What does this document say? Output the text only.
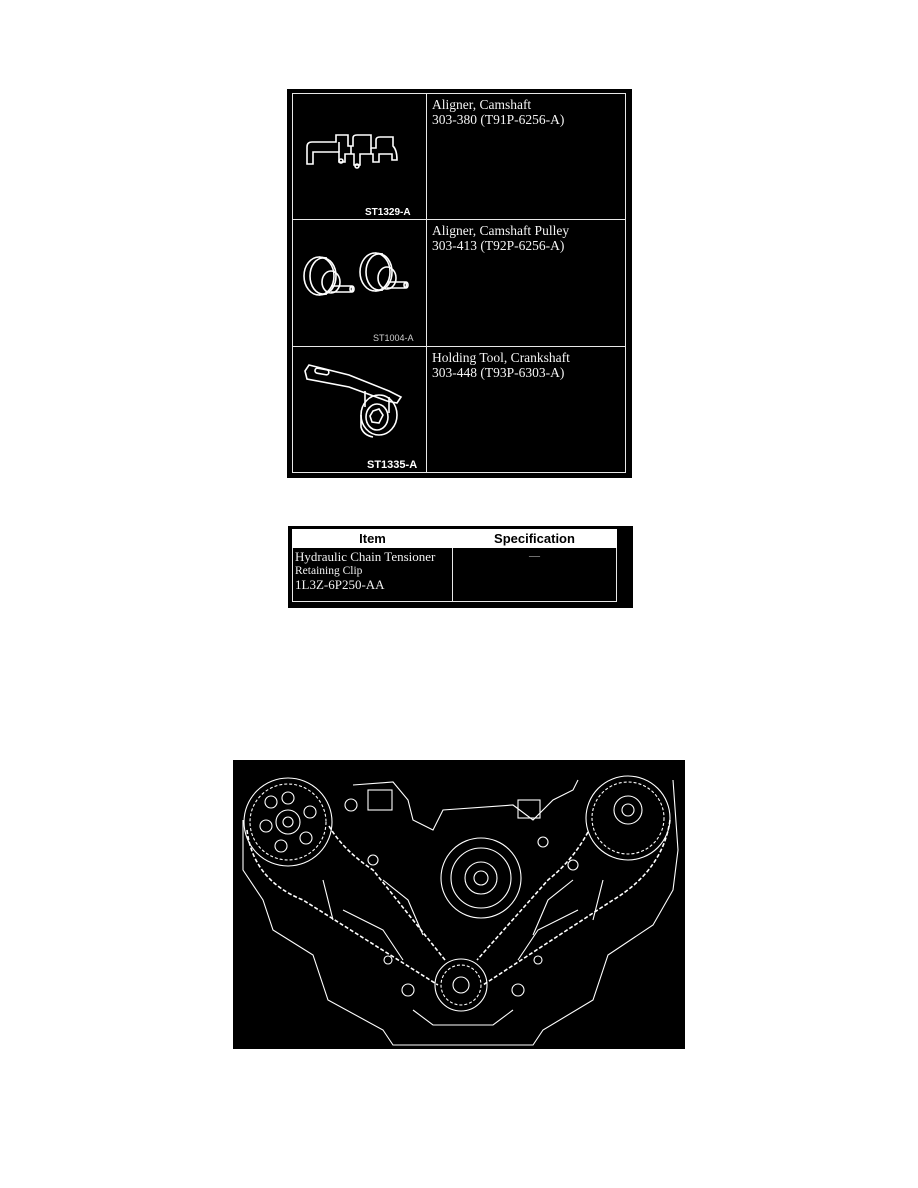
ST1329-A	Aligner, Camshaft
303-380 (T91P-6256-A)

ST1004-A	Aligner, Camshaft Pulley
303-413 (T92P-6256-A)

ST1335-A	Holding Tool, Crankshaft
303-448 (T93P-6303-A)
Item	Specification

Hydraulic Chain Tensioner
Retaining Clip
1L3Z-6P250-AA	—
